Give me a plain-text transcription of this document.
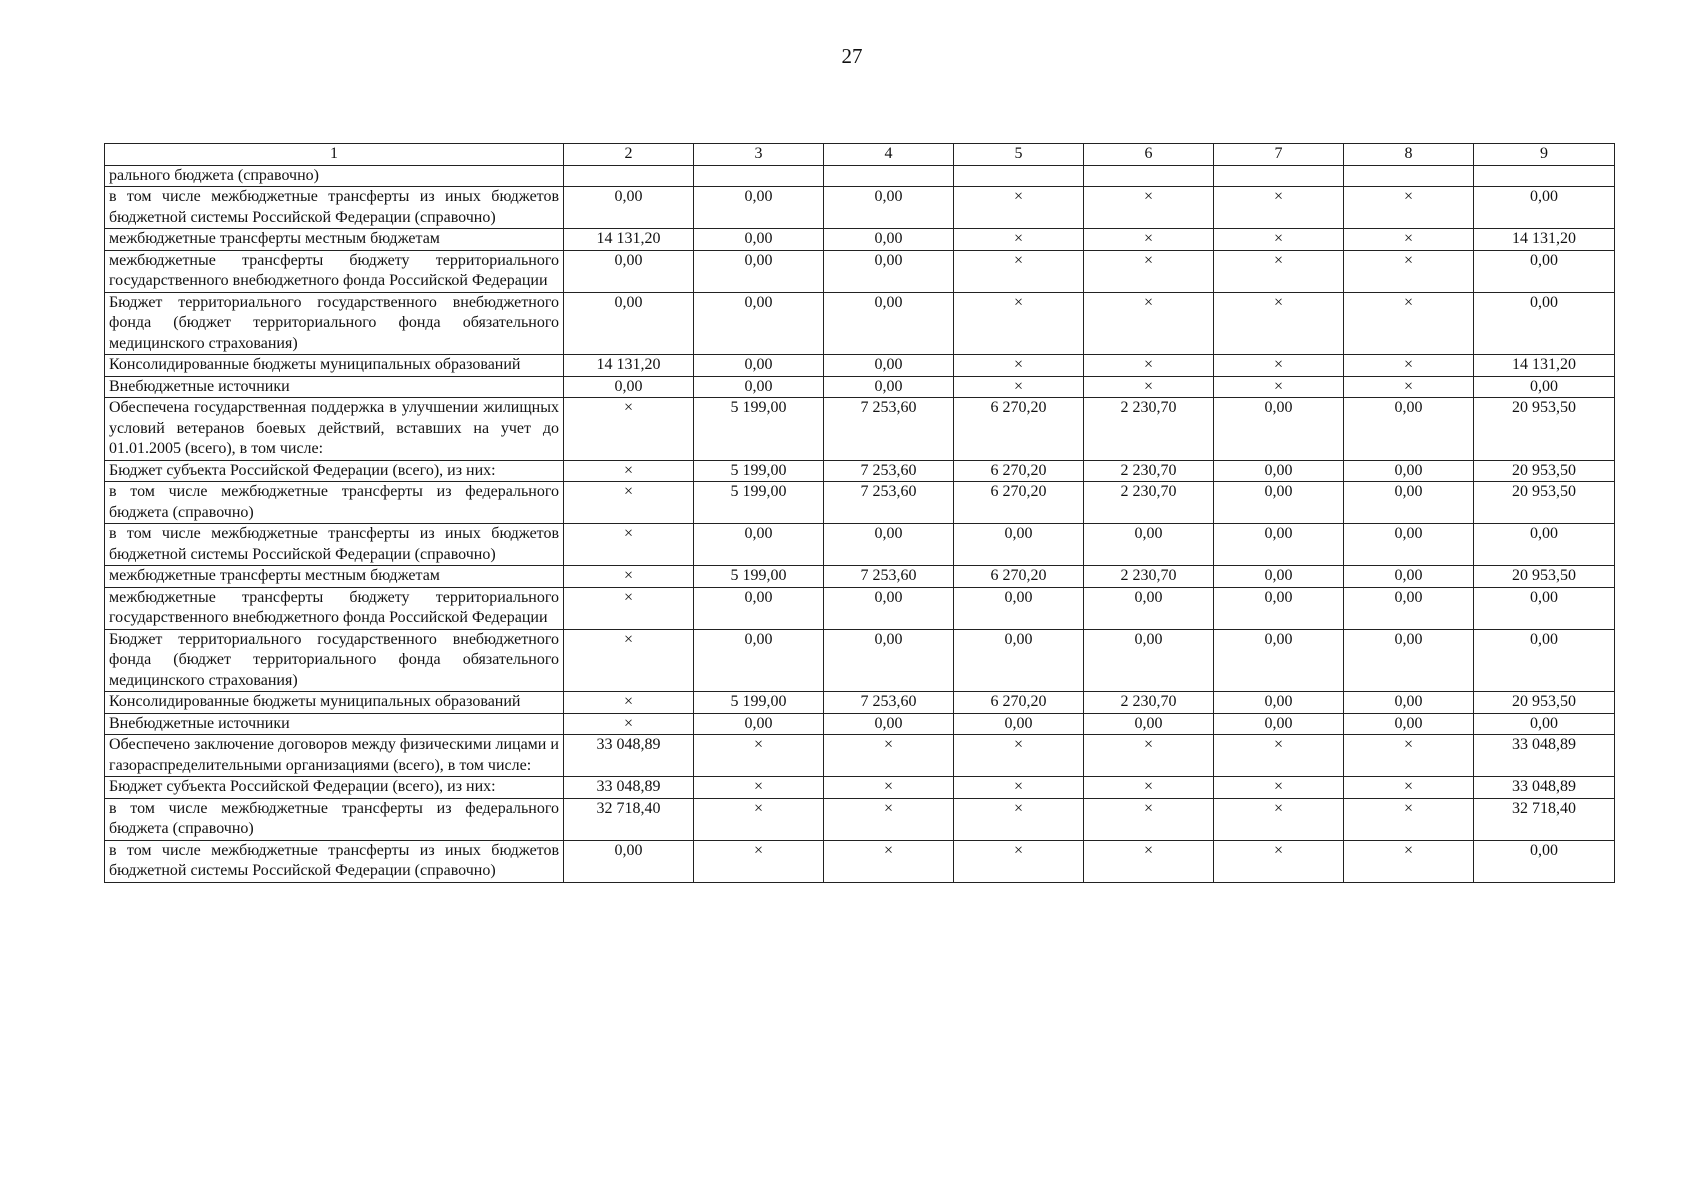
27
1	2	3	4	5	6	7	8	9
рального бюджета (справочно)								
в том числе межбюджетные трансферты из иных бюджетов бюджетной системы Российской Федерации (справочно)	0,00	0,00	0,00	×	×	×	×	0,00
межбюджетные трансферты местным бюджетам	14 131,20	0,00	0,00	×	×	×	×	14 131,20
межбюджетные трансферты бюджету территориального государственного внебюджетного фонда Российской Федерации	0,00	0,00	0,00	×	×	×	×	0,00
Бюджет территориального государственного внебюджетного фонда (бюджет территориального фонда обязательного медицинского страхования)	0,00	0,00	0,00	×	×	×	×	0,00
Консолидированные бюджеты муниципальных образований	14 131,20	0,00	0,00	×	×	×	×	14 131,20
Внебюджетные источники	0,00	0,00	0,00	×	×	×	×	0,00
Обеспечена государственная поддержка в улучшении жилищных условий ветеранов боевых действий, вставших на учет до 01.01.2005 (всего), в том числе:	×	5 199,00	7 253,60	6 270,20	2 230,70	0,00	0,00	20 953,50
Бюджет субъекта Российской Федерации (всего), из них:	×	5 199,00	7 253,60	6 270,20	2 230,70	0,00	0,00	20 953,50
в том числе межбюджетные трансферты из федерального бюджета (справочно)	×	5 199,00	7 253,60	6 270,20	2 230,70	0,00	0,00	20 953,50
в том числе межбюджетные трансферты из иных бюджетов бюджетной системы Российской Федерации (справочно)	×	0,00	0,00	0,00	0,00	0,00	0,00	0,00
межбюджетные трансферты местным бюджетам	×	5 199,00	7 253,60	6 270,20	2 230,70	0,00	0,00	20 953,50
межбюджетные трансферты бюджету территориального государственного внебюджетного фонда Российской Федерации	×	0,00	0,00	0,00	0,00	0,00	0,00	0,00
Бюджет территориального государственного внебюджетного фонда (бюджет территориального фонда обязательного медицинского страхования)	×	0,00	0,00	0,00	0,00	0,00	0,00	0,00
Консолидированные бюджеты муниципальных образований	×	5 199,00	7 253,60	6 270,20	2 230,70	0,00	0,00	20 953,50
Внебюджетные источники	×	0,00	0,00	0,00	0,00	0,00	0,00	0,00
Обеспечено заключение договоров между физическими лицами и газораспределительными организациями (всего), в том числе:	33 048,89	×	×	×	×	×	×	33 048,89
Бюджет субъекта Российской Федерации (всего), из них:	33 048,89	×	×	×	×	×	×	33 048,89
в том числе межбюджетные трансферты из федерального бюджета (справочно)	32 718,40	×	×	×	×	×	×	32 718,40
в том числе межбюджетные трансферты из иных бюджетов бюджетной системы Российской Федерации (справочно)	0,00	×	×	×	×	×	×	0,00
